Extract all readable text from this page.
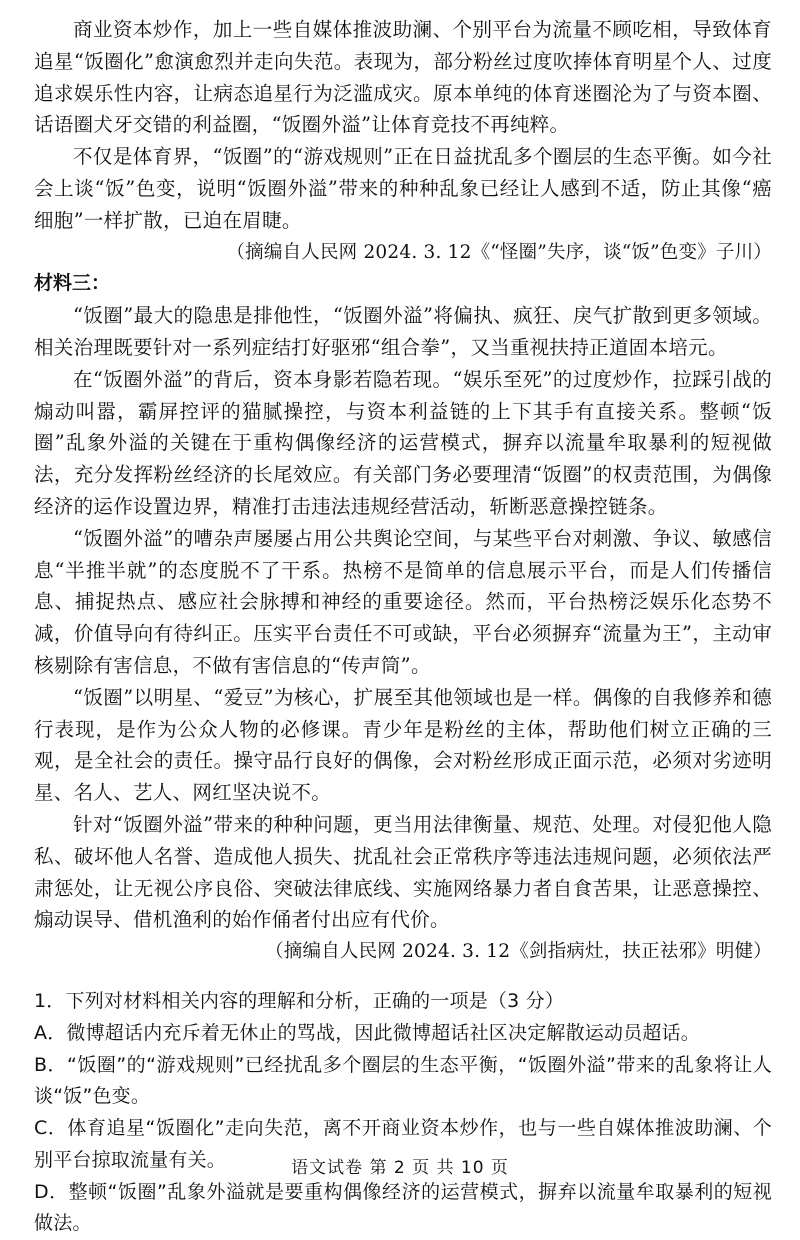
商业资本炒作，加上一些自媒体推波助澜、个别平台为流量不顾吃相，导致体育追星“饭圈化”愈演愈烈并走向失范。表现为，部分粉丝过度吹捧体育明星个人、过度追求娱乐性内容，让病态追星行为泛滥成灾。原本单纯的体育迷圈沦为了与资本圈、话语圈犬牙交错的利益圈，“饭圈外溢”让体育竞技不再纯粹。

不仅是体育界，“饭圈”的“游戏规则”正在日益扰乱多个圈层的生态平衡。如今社会上谈“饭”色变，说明“饭圈外溢”带来的种种乱象已经让人感到不适，防止其像“癌细胞”一样扩散，已迫在眉睫。

（摘编自人民网 2024. 3. 12《“怪圈”失序，谈“饭”色变》子川）

材料三：

“饭圈”最大的隐患是排他性，“饭圈外溢”将偏执、疯狂、戾气扩散到更多领域。相关治理既要针对一系列症结打好驱邪“组合拳”，又当重视扶持正道固本培元。

在“饭圈外溢”的背后，资本身影若隐若现。“娱乐至死”的过度炒作，拉踩引战的煽动叫嚣，霸屏控评的猫腻操控，与资本利益链的上下其手有直接关系。整顿“饭圈”乱象外溢的关键在于重构偶像经济的运营模式，摒弃以流量牟取暴利的短视做法，充分发挥粉丝经济的长尾效应。有关部门务必要理清“饭圈”的权责范围，为偶像经济的运作设置边界，精准打击违法违规经营活动，斩断恶意操控链条。

“饭圈外溢”的嘈杂声屡屡占用公共舆论空间，与某些平台对刺激、争议、敏感信息“半推半就”的态度脱不了干系。热榜不是简单的信息展示平台，而是人们传播信息、捕捉热点、感应社会脉搏和神经的重要途径。然而，平台热榜泛娱乐化态势不减，价值导向有待纠正。压实平台责任不可或缺，平台必须摒弃“流量为王”，主动审核剔除有害信息，不做有害信息的“传声筒”。

“饭圈”以明星、“爱豆”为核心，扩展至其他领域也是一样。偶像的自我修养和德行表现，是作为公众人物的必修课。青少年是粉丝的主体，帮助他们树立正确的三观，是全社会的责任。操守品行良好的偶像，会对粉丝形成正面示范，必须对劣迹明星、名人、艺人、网红坚决说不。

针对“饭圈外溢”带来的种种问题，更当用法律衡量、规范、处理。对侵犯他人隐私、破坏他人名誉、造成他人损失、扰乱社会正常秩序等违法违规问题，必须依法严肃惩处，让无视公序良俗、突破法律底线、实施网络暴力者自食苦果，让恶意操控、煽动误导、借机渔利的始作俑者付出应有代价。

（摘编自人民网 2024. 3. 12《剑指病灶，扶正祛邪》明健）

1．下列对材料相关内容的理解和分析，正确的一项是（3 分）

A．微博超话内充斥着无休止的骂战，因此微博超话社区决定解散运动员超话。

B．“饭圈”的“游戏规则”已经扰乱多个圈层的生态平衡，“饭圈外溢”带来的乱象将让人谈“饭”色变。

C．体育追星“饭圈化”走向失范，离不开商业资本炒作，也与一些自媒体推波助澜、个别平台掠取流量有关。

D．整顿“饭圈”乱象外溢就是要重构偶像经济的运营模式，摒弃以流量牟取暴利的短视做法。

语文试卷 第 2 页 共 10 页
